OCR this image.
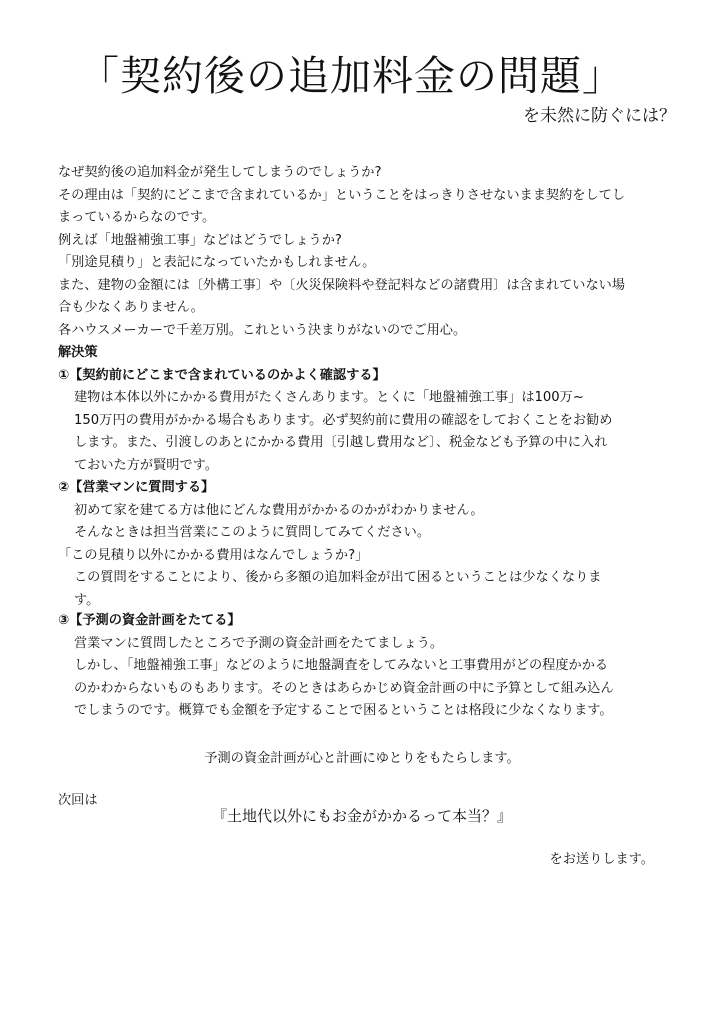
「契約後の追加料金の問題」
を未然に防ぐには？
なぜ契約後の追加料金が発生してしまうのでしょうか?
その理由は「契約にどこまで含まれているか」ということをはっきりさせないまま契約をしてし
まっているからなのです。
例えば「地盤補強工事」などはどうでしょうか?
「別途見積り」と表記になっていたかもしれません。
また、建物の金額には〔外構工事〕や〔火災保険料や登記料などの諸費用〕は含まれていない場
合も少なくありません。
各ハウスメーカーで千差万別。これという決まりがないのでご用心。
解決策
①【契約前にどこまで含まれているのかよく確認する】
建物は本体以外にかかる費用がたくさんあります。とくに「地盤補強工事」は100万~
150万円の費用がかかる場合もあります。必ず契約前に費用の確認をしておくことをお勧め
します。また、引渡しのあとにかかる費用〔引越し費用など〕、税金なども予算の中に入れ
ておいた方が賢明です。
②【営業マンに質問する】
初めて家を建てる方は他にどんな費用がかかるのかがわかりません。
そんなときは担当営業にこのように質問してみてください。
「この見積り以外にかかる費用はなんでしょうか?」
この質問をすることにより、後から多額の追加料金が出て困るということは少なくなりま
す。
③【予測の資金計画をたてる】
営業マンに質問したところで予測の資金計画をたてましょう。
しかし、「地盤補強工事」などのように地盤調査をしてみないと工事費用がどの程度かかる
のかわからないものもあります。そのときはあらかじめ資金計画の中に予算として組み込ん
でしまうのです。概算でも金額を予定することで困るということは格段に少なくなります。
予測の資金計画が心と計画にゆとりをもたらします。
次回は
『土地代以外にもお金がかかるって本当？』
をお送りします。
